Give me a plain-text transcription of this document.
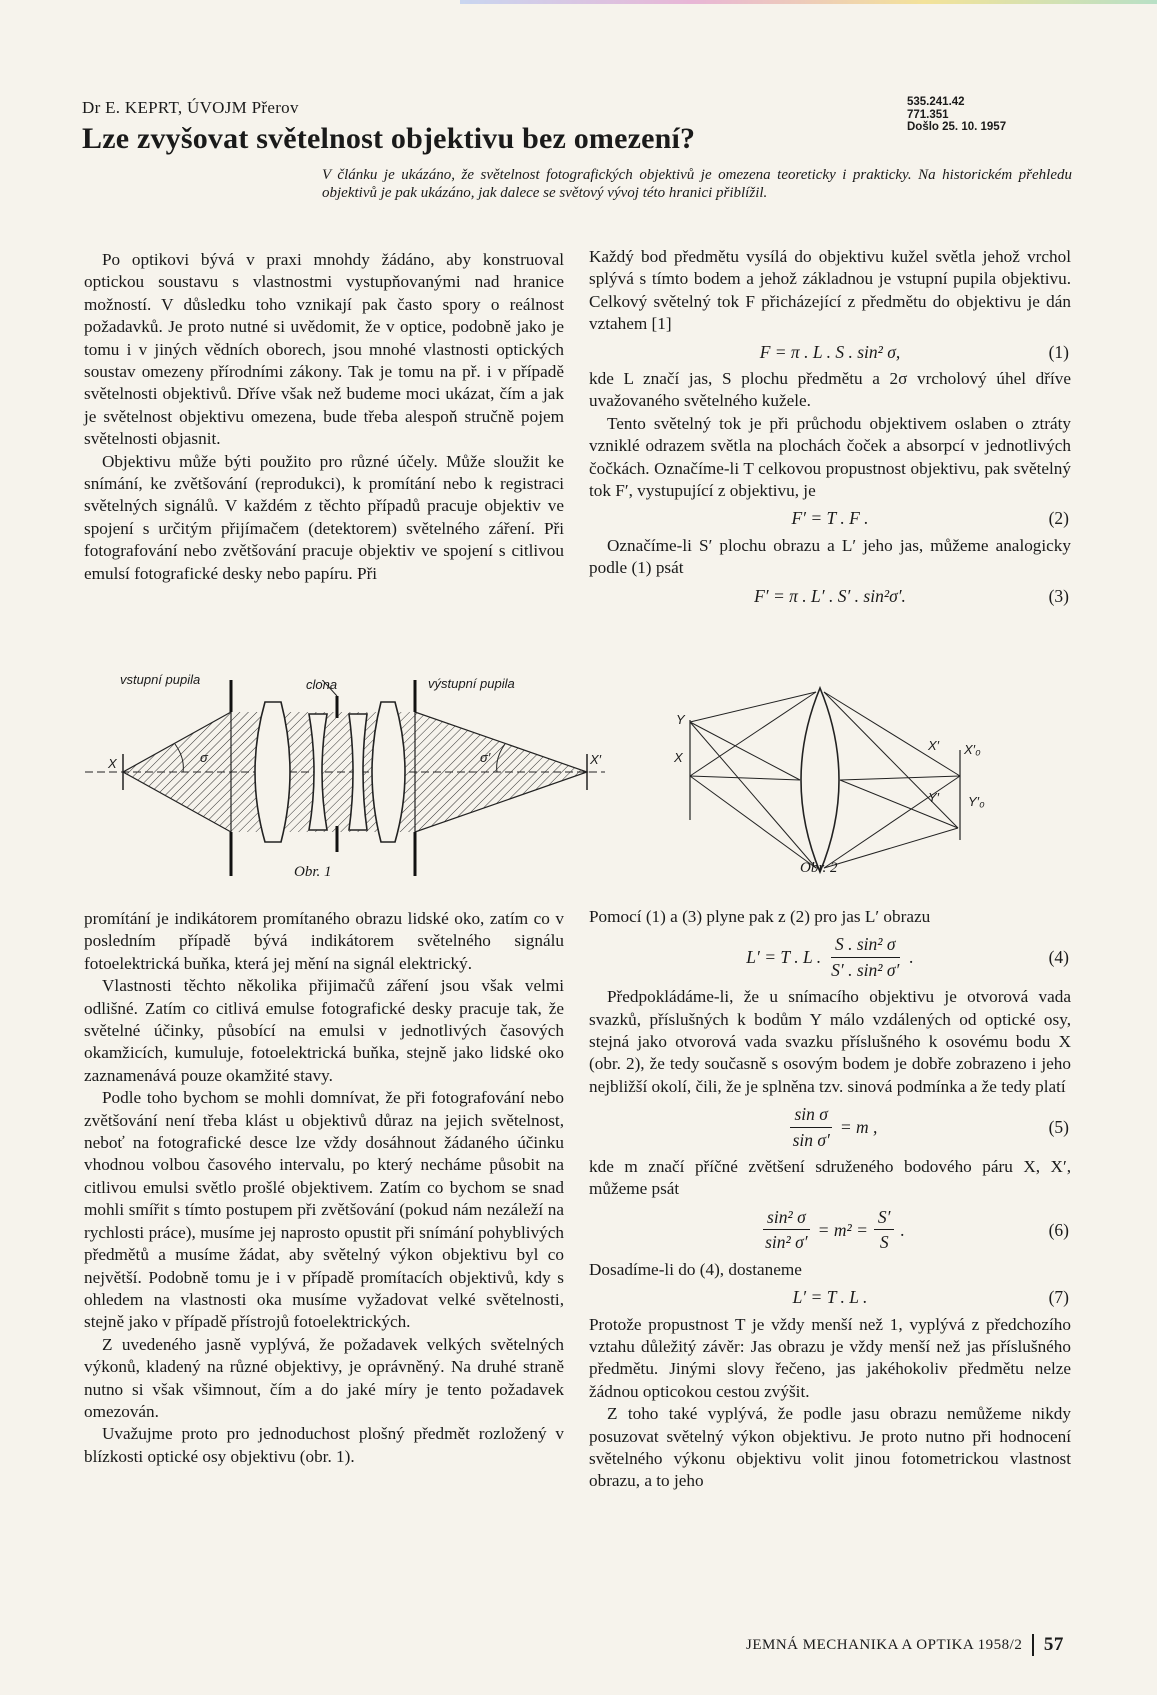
Dr E. KEPRT, ÚVOJM Přerov
Lze zvyšovat světelnost objektivu bez omezení?
535.241.42
771.351
Došlo 25. 10. 1957
V článku je ukázáno, že světelnost fotografických objektivů je omezena teoreticky i prakticky. Na historickém přehledu objektivů je pak ukázáno, jak dalece se světový vývoj této hranici přiblížil.

Po optikovi bývá v praxi mnohdy žádáno, aby konstruoval optickou soustavu s vlastnostmi vystupňovanými nad hranice možností. V důsledku toho vznikají pak často spory o reálnost požadavků. Je proto nutné si uvědomit, že v optice, podobně jako je tomu i v jiných vědních oborech, jsou mnohé vlastnosti optických soustav omezeny přírodními zákony. Tak je tomu na př. i v případě světelnosti objektivů. Dříve však než budeme moci ukázat, čím a jak je světelnost objektivu omezena, bude třeba alespoň stručně pojem světelnosti objasnit.

Objektivu může býti použito pro různé účely. Může sloužit ke snímání, ke zvětšování (reprodukci), k promítání nebo k registraci světelných signálů. V každém z těchto případů pracuje objektiv ve spojení s určitým přijímačem (detektorem) světelného záření. Při fotografování nebo zvětšování pracuje objektiv ve spojení s citlivou emulsí fotografické desky nebo papíru. Při

Každý bod předmětu vysílá do objektivu kužel světla jehož vrchol splývá s tímto bodem a jehož základnou je vstupní pupila objektivu. Celkový světelný tok F přicházející z předmětu do objektivu je dán vztahem [1]

F = π . L . S . sin² σ,	(1)

kde L značí jas, S plochu předmětu a 2σ vrcholový úhel dříve uvažovaného světelného kužele.

Tento světelný tok je při průchodu objektivem oslaben o ztráty vzniklé odrazem světla na plochách čoček a absorpcí v jednotlivých čočkách. Označíme-li T celkovou propustnost objektivu, pak světelný tok F′, vystupující z objektivu, je

F′ = T . F .	(2)

Označíme-li S′ plochu obrazu a L′ jeho jas, můžeme analogicky podle (1) psát

F′ = π . L′ . S′ . sin²σ′.	(3)
vstupní pupila	clona	výstupní pupila
X	X′
σ	σ′
Obr. 1
Y
X
X′ X′₀
Y′ Y′₀
Obr. 2

promítání je indikátorem promítaného obrazu lidské oko, zatím co v posledním případě bývá indikátorem světelného signálu fotoelektrická buňka, která jej mění na signál elektrický.

Vlastnosti těchto několika přijimačů záření jsou však velmi odlišné. Zatím co citlivá emulse fotografické desky pracuje tak, že světelné účinky, působící na emulsi v jednotlivých časových okamžicích, kumuluje, fotoelektrická buňka, stejně jako lidské oko zaznamenává pouze okamžité stavy.

Podle toho bychom se mohli domnívat, že při fotografování nebo zvětšování není třeba klást u objektivů důraz na jejich světelnost, neboť na fotografické desce lze vždy dosáhnout žádaného účinku vhodnou volbou časového intervalu, po který necháme působit na citlivou emulsi světlo prošlé objektivem. Zatím co bychom se snad mohli smířit s tímto postupem při zvětšování (pokud nám nezáleží na rychlosti práce), musíme jej naprosto opustit při snímání pohyblivých předmětů a musíme žádat, aby světelný výkon objektivu byl co největší. Podobně tomu je i v případě promítacích objektivů, kdy s ohledem na vlastnosti oka musíme vyžadovat velké světelnosti, stejně jako v případě přístrojů fotoelektrických.

Z uvedeného jasně vyplývá, že požadavek velkých světelných výkonů, kladený na různé objektivy, je oprávněný. Na druhé straně nutno si však všimnout, čím a do jaké míry je tento požadavek omezován.

Uvažujme proto pro jednoduchost plošný předmět rozložený v blízkosti optické osy objektivu (obr. 1).

Pomocí (1) a (3) plyne pak z (2) pro jas L′ obrazu

L′ = T . L . $\frac{\text{S . sin² σ}}{\text{S′ . sin² σ′}}$ .	(4)

Předpokládáme-li, že u snímacího objektivu je otvorová vada svazků, příslušných k bodům Y málo vzdálených od optické osy, stejná jako otvorová vada svazku příslušného k osovému bodu X (obr. 2), že tedy současně s osovým bodem je dobře zobrazeno i jeho nejbližší okolí, čili, že je splněna tzv. sinová podmínka a že tedy platí

$\frac{\text{sin σ}}{\text{sin σ′}} = m$ ,	(5)

kde m značí příčné zvětšení sdruženého bodového páru X, X′, můžeme psát

$\frac{\text{sin² σ}}{\text{sin² σ′}} = m^2 = \frac{S'}{S}$ .	(6)

Dosadíme-li do (4), dostaneme

L′ = T . L .	(7)

Protože propustnost T je vždy menší než 1, vyplývá z předchozího vztahu důležitý závěr: Jas obrazu je vždy menší než jas příslušného předmětu. Jinými slovy řečeno, jas jakéhokoliv předmětu nelze žádnou opticokou cestou zvýšit.

Z toho také vyplývá, že podle jasu obrazu nemůžeme nikdy posuzovat světelný výkon objektivu. Je proto nutno při hodnocení světelného výkonu objektivu volit jinou fotometrickou vlastnost obrazu, a to jeho

JEMNÁ MECHANIKA A OPTIKA 1958/2 57
